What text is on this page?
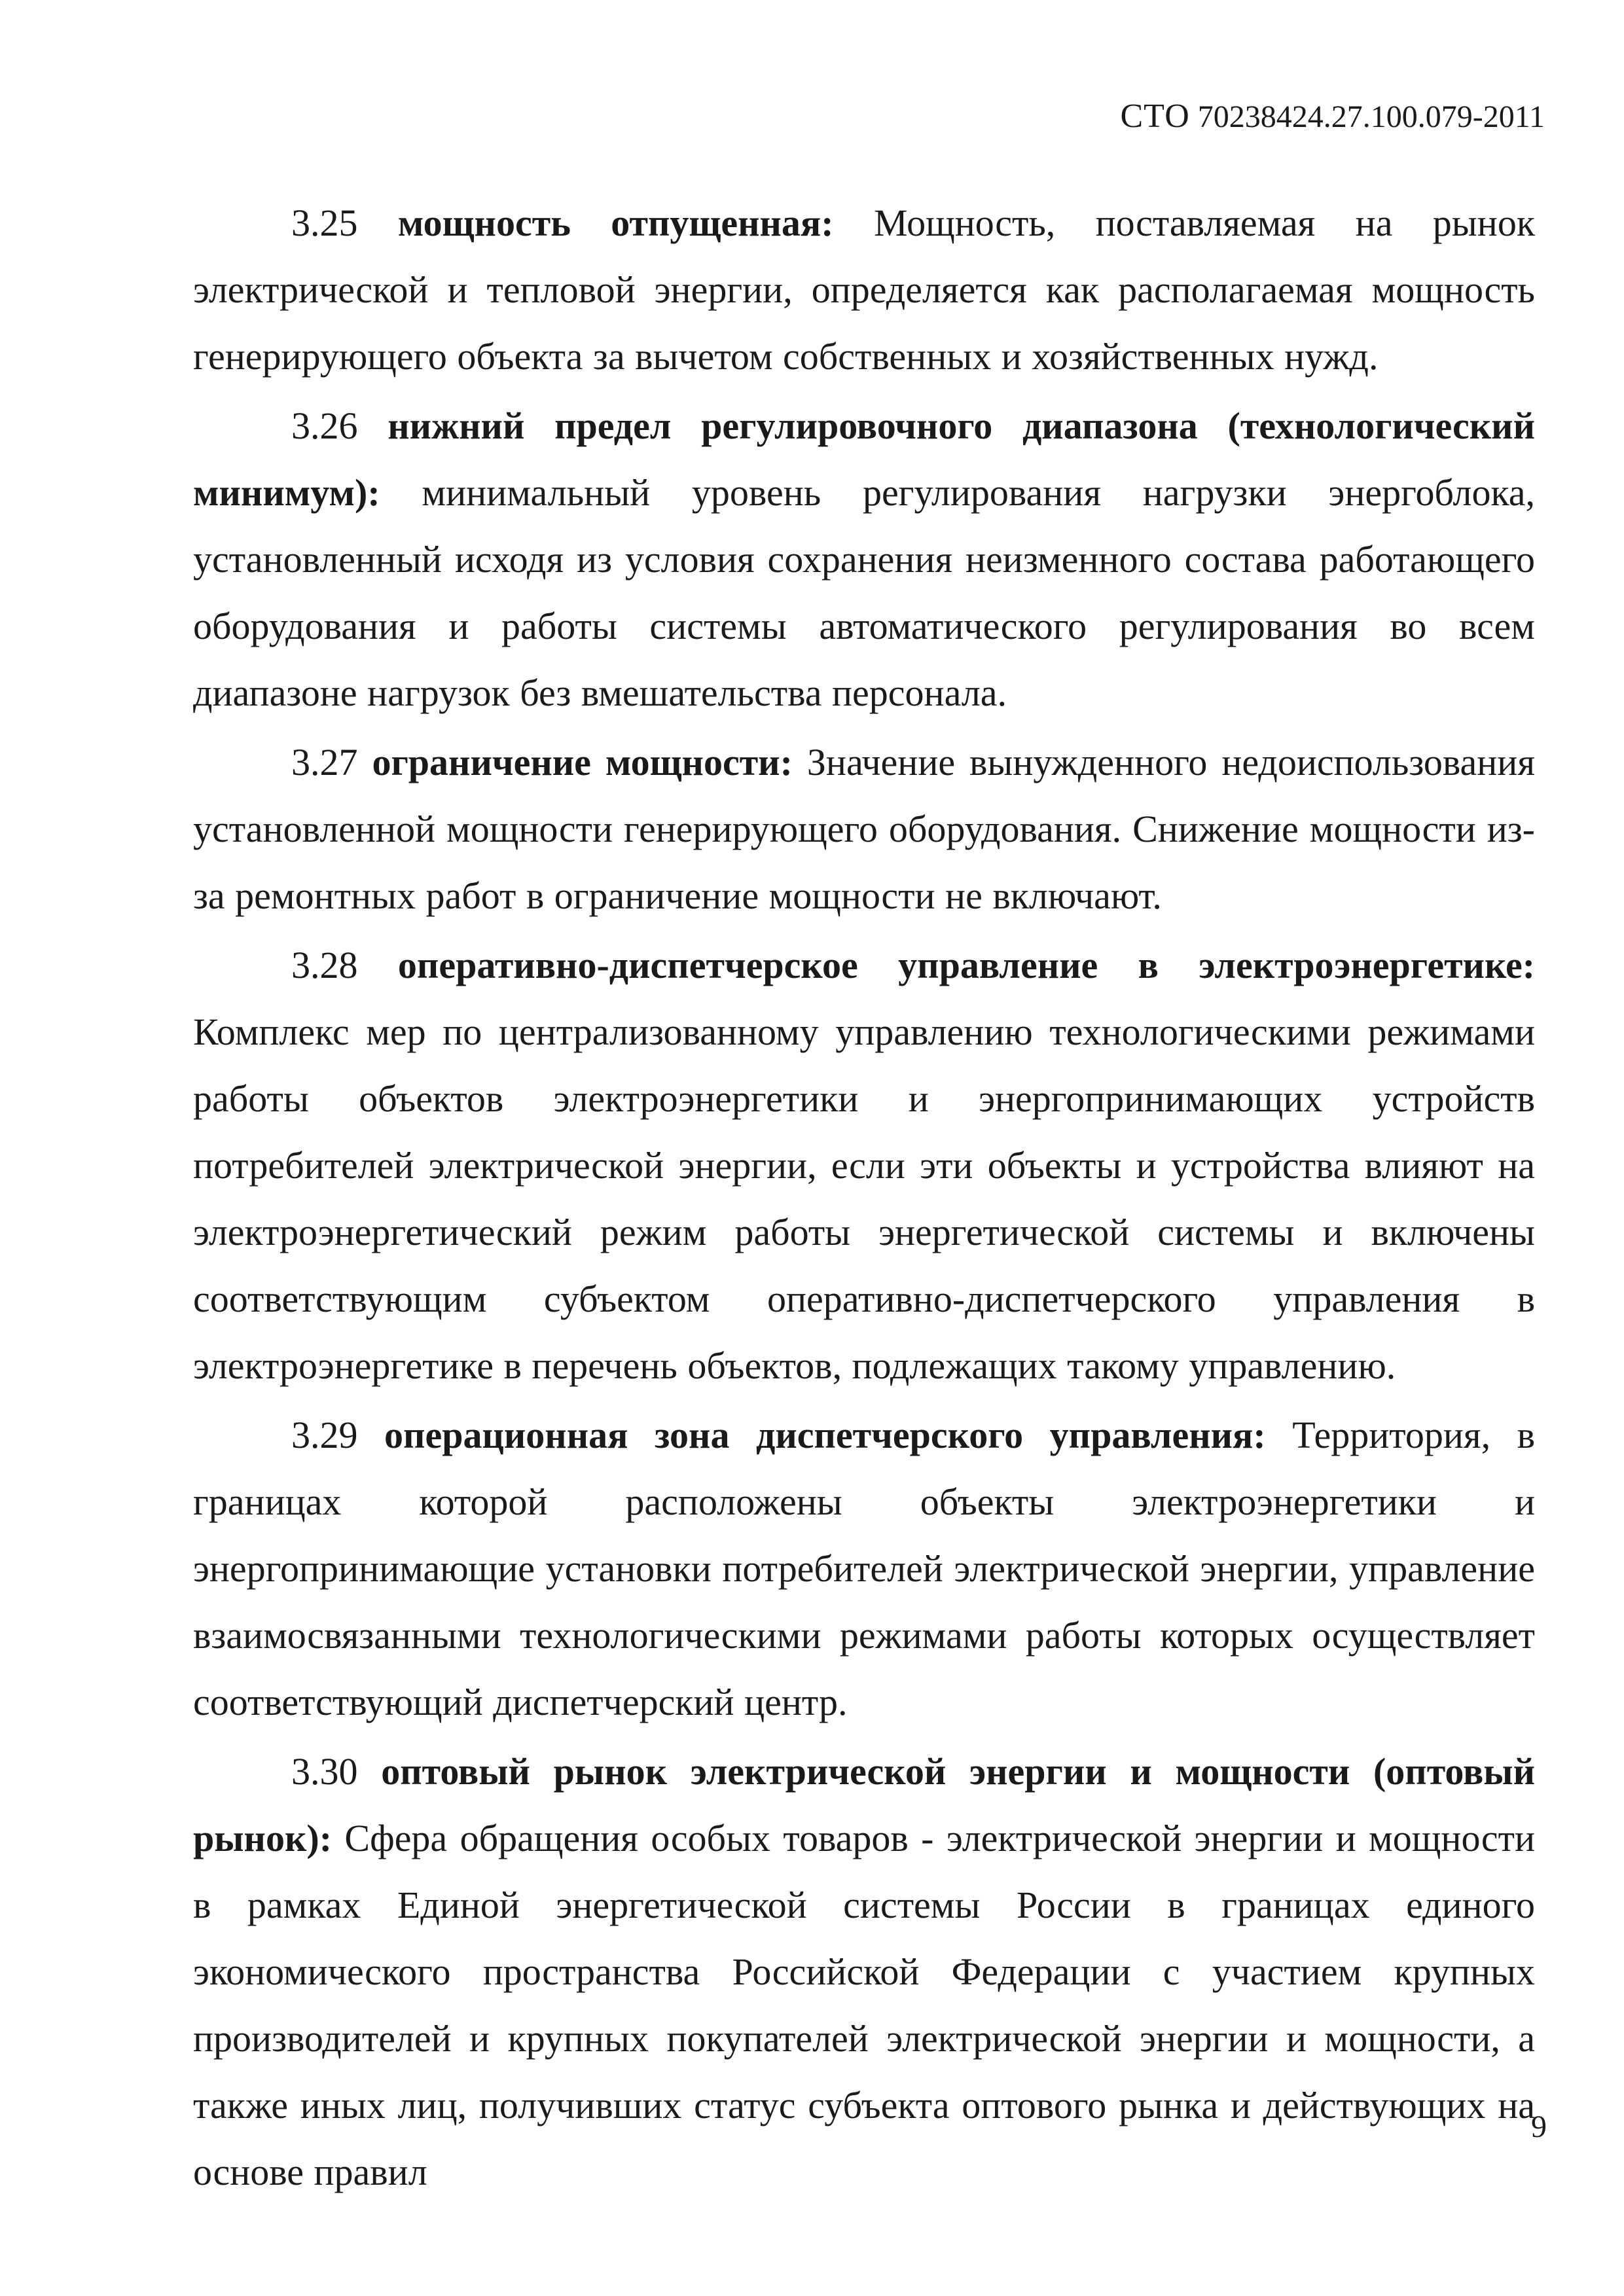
СТО 70238424.27.100.079-2011

3.25 мощность отпущенная: Мощность, поставляемая на рынок электрической и тепловой энергии, определяется как располагаемая мощность генерирующего объекта за вычетом собственных и хозяйственных нужд.

3.26 нижний предел регулировочного диапазона (технологический минимум): минимальный уровень регулирования нагрузки энергоблока, установленный исходя из условия сохранения неизменного состава работающего оборудования и работы системы автоматического регулирования во всем диапазоне нагрузок без вмешательства персонала.

3.27 ограничение мощности: Значение вынужденного недоиспользования установленной мощности генерирующего оборудования. Снижение мощности из-за ремонтных работ в ограничение мощности не включают.

3.28 оперативно-диспетчерское управление в электроэнергетике: Комплекс мер по централизованному управлению технологическими режимами работы объектов электроэнергетики и энергопринимающих устройств потребителей электрической энергии, если эти объекты и устройства влияют на электроэнергетический режим работы энергетической системы и включены соответствующим субъектом оперативно-диспетчерского управления в электроэнергетике в перечень объектов, подлежащих такому управлению.

3.29 операционная зона диспетчерского управления: Территория, в границах которой расположены объекты электроэнергетики и энергопринимающие установки потребителей электрической энергии, управление взаимосвязанными технологическими режимами работы которых осуществляет соответствующий диспетчерский центр.

3.30 оптовый рынок электрической энергии и мощности (оптовый рынок): Сфера обращения особых товаров - электрической энергии и мощности в рамках Единой энергетической системы России в границах единого экономического пространства Российской Федерации с участием крупных производителей и крупных покупателей электрической энергии и мощности, а также иных лиц, получивших статус субъекта оптового рынка и действующих на основе правил

9
